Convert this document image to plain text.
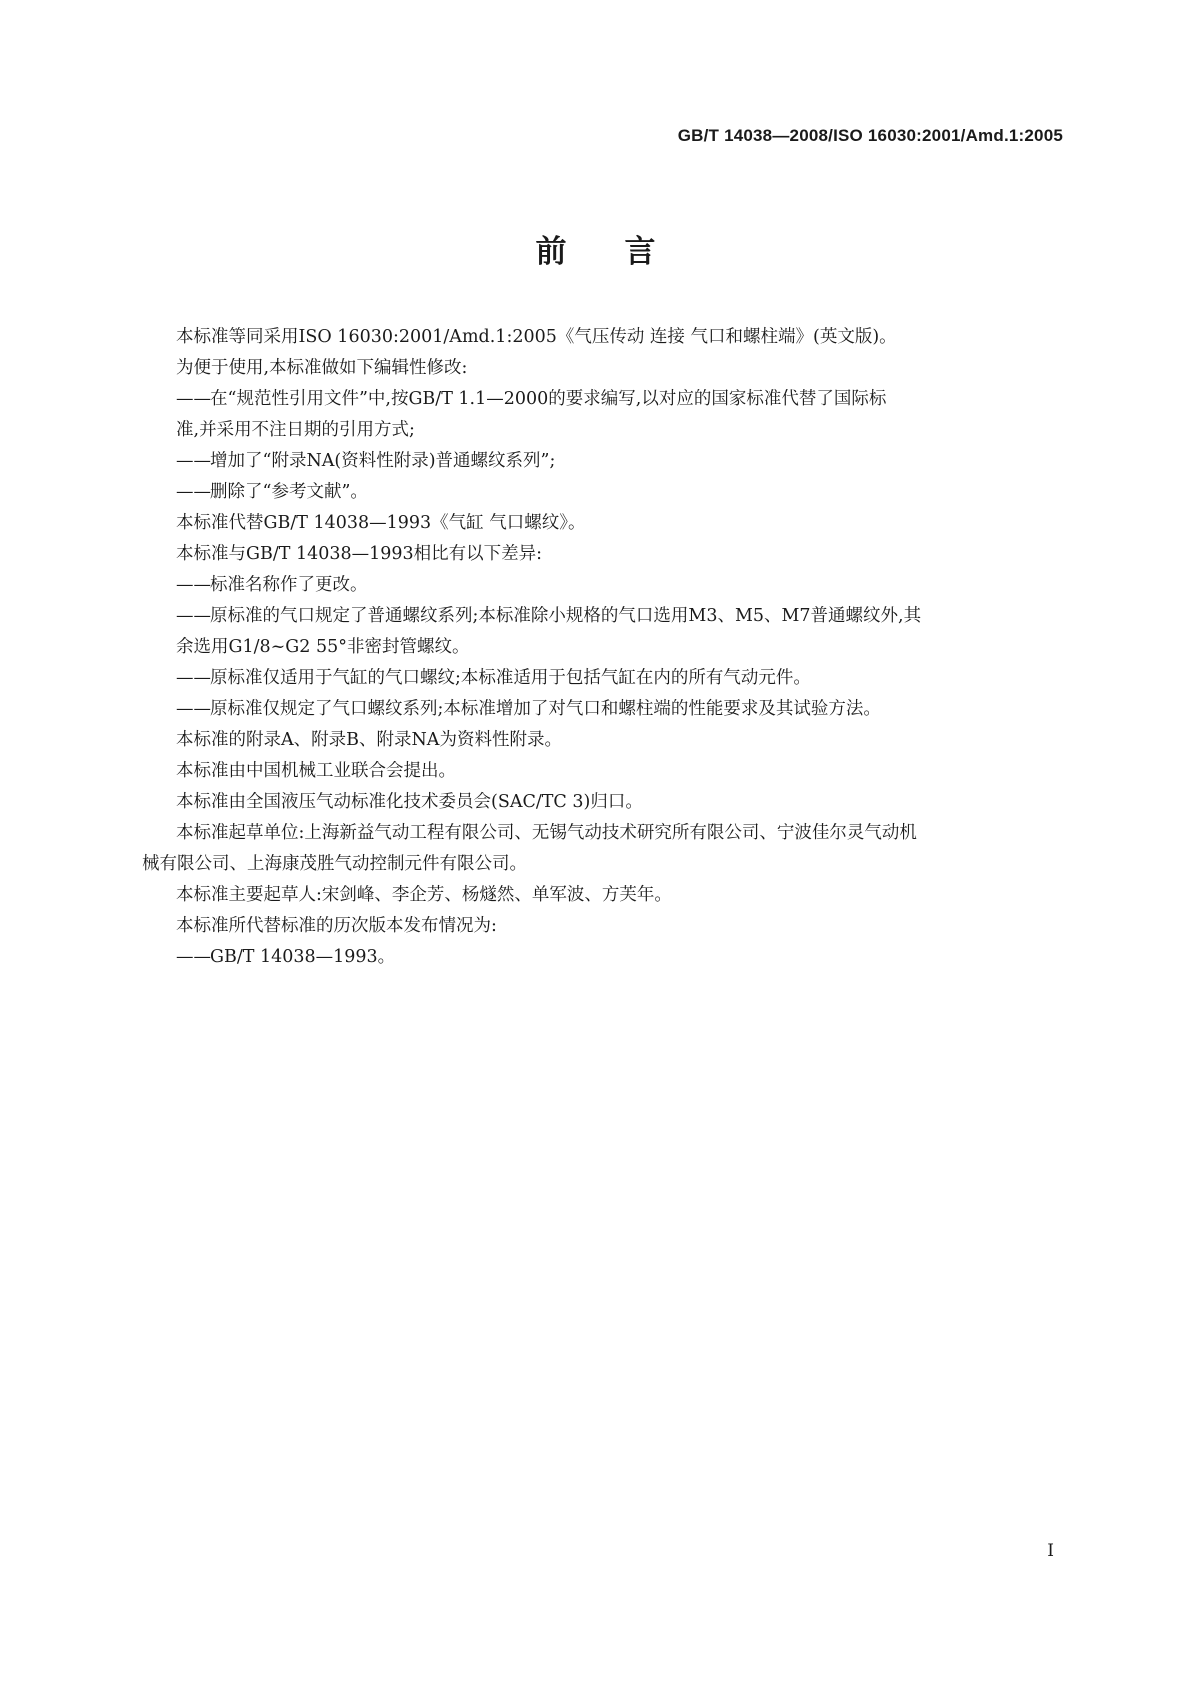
GB/T 14038—2008/ISO 16030:2001/Amd.1:2005
前言

本标准等同采用ISO 16030:2001/Amd.1:2005《气压传动 连接 气口和螺柱端》(英文版)。

为便于使用,本标准做如下编辑性修改:

——在“规范性引用文件”中,按GB/T 1.1—2000的要求编写,以对应的国家标准代替了国际标
准,并采用不注日期的引用方式;
——增加了“附录NA(资料性附录)普通螺纹系列”;
——删除了“参考文献”。

本标准代替GB/T 14038—1993《气缸 气口螺纹》。

本标准与GB/T 14038—1993相比有以下差异:

——标准名称作了更改。
——原标准的气口规定了普通螺纹系列;本标准除小规格的气口选用M3、M5、M7普通螺纹外,其
余选用G1/8~G2 55°非密封管螺纹。
——原标准仅适用于气缸的气口螺纹;本标准适用于包括气缸在内的所有气动元件。
——原标准仅规定了气口螺纹系列;本标准增加了对气口和螺柱端的性能要求及其试验方法。

本标准的附录A、附录B、附录NA为资料性附录。

本标准由中国机械工业联合会提出。

本标准由全国液压气动标准化技术委员会(SAC/TC 3)归口。

本标准起草单位:上海新益气动工程有限公司、无锡气动技术研究所有限公司、宁波佳尔灵气动机
械有限公司、上海康茂胜气动控制元件有限公司。

本标准主要起草人:宋剑峰、李企芳、杨燧然、单军波、方芙年。

本标准所代替标准的历次版本发布情况为:

——GB/T 14038—1993。
I
